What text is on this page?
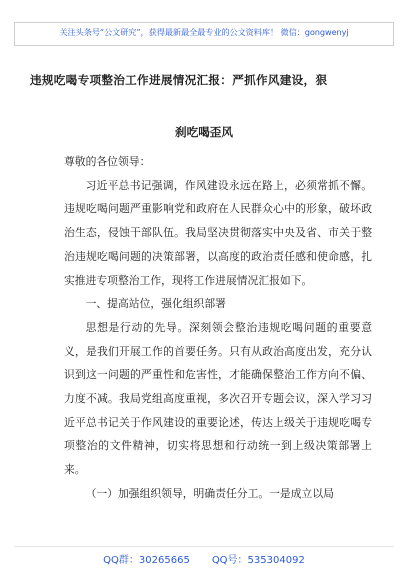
关注头条号“公文研究”，获得最新最全最专业的公文资料库！ 微信：gongwenyj
违规吃喝专项整治工作进展情况汇报：严抓作风建设，狠
刹吃喝歪风

尊敬的各位领导：

习近平总书记强调，作风建设永远在路上，必须常抓不懈。违规吃喝问题严重影响党和政府在人民群众心中的形象，破坏政治生态，侵蚀干部队伍。我局坚决贯彻落实中央及省、市关于整治违规吃喝问题的决策部署，以高度的政治责任感和使命感，扎实推进专项整治工作，现将工作进展情况汇报如下。

一、提高站位，强化组织部署

思想是行动的先导。深刻领会整治违规吃喝问题的重要意义，是我们开展工作的首要任务。只有从政治高度出发，充分认识到这一问题的严重性和危害性，才能确保整治工作方向不偏、力度不减。我局党组高度重视，多次召开专题会议，深入学习习近平总书记关于作风建设的重要论述，传达上级关于违规吃喝专项整治的文件精神，切实将思想和行动统一到上级决策部署上来。

（一）加强组织领导，明确责任分工。一是成立以局

QQ群：30265665 QQ号：535304092
